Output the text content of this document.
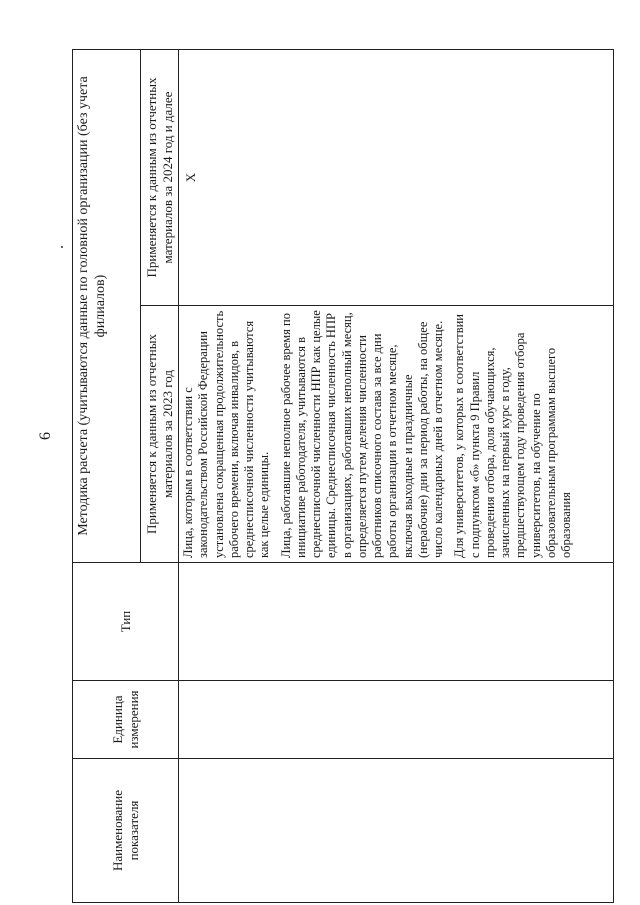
6
Наименование показателя	Единица измерения	Тип	Методика расчета (учитываются данные по головной организации (без учета филиалов)	
			Применяется к данным из отчетных материалов за 2023 год	Применяется к данным из отчетных материалов за 2024 год и далее

			Лица, которым в соответствии с законодательством Российской Федерации установлена сокращенная продолжительность рабочего времени, включая инвалидов, в среднесписочной численности учитываются как целые единицы. Лица, работавшие неполное рабочее время по инициативе работодателя, учитываются в среднесписочной численности НПР как целые единицы. Среднесписочная численность НПР в организациях, работавших неполный месяц, определяется путем деления численности работников списочного состава за все дни работы организации в отчетном месяце, включая выходные и праздничные (нерабочие) дни за период работы, на общее число календарных дней в отчетном месяце. Для университетов, у которых в соответствии с подпунктом «б» пункта 9 Правил проведения отбора, доля обучающихся, зачисленных на первый курс в году, предшествующем году проведения отбора университетов, на обучение по образовательным программам высшего образования	Х
